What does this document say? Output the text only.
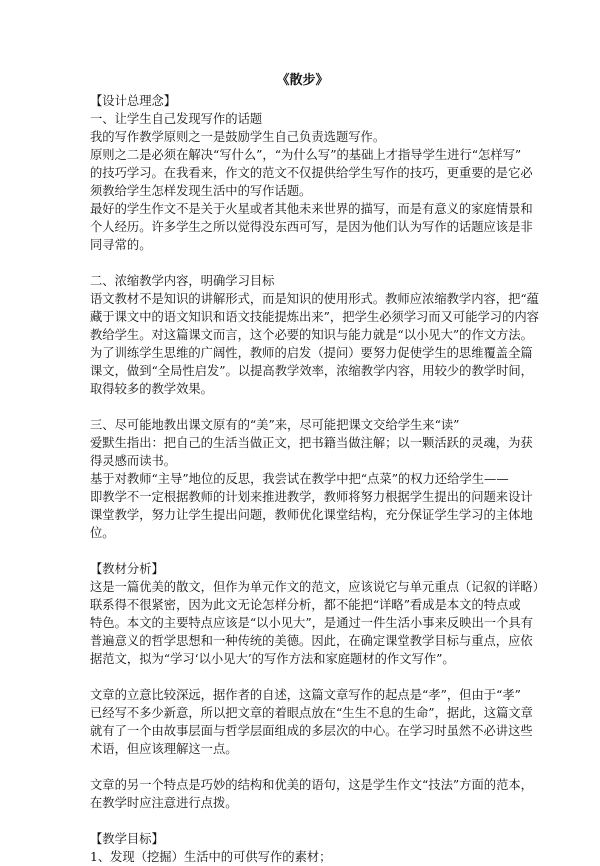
《散步》

【设计总理念】

一、让学生自己发现写作的话题

我的写作教学原则之一是鼓励学生自己负责选题写作。

原则之二是必须在解决“写什么”，“为什么写”的基础上才指导学生进行“怎样写”

的技巧学习。在我看来，作文的范文不仅提供给学生写作的技巧，更重要的是它必

须教给学生怎样发现生活中的写作话题。

最好的学生作文不是关于火星或者其他未来世界的描写，而是有意义的家庭情景和

个人经历。许多学生之所以觉得没东西可写，是因为他们认为写作的话题应该是非

同寻常的。

二、浓缩教学内容，明确学习目标

语文教材不是知识的讲解形式，而是知识的使用形式。教师应浓缩教学内容，把“蕴

藏于课文中的语文知识和语文技能提炼出来”，把学生必须学习而又可能学习的内容

教给学生。对这篇课文而言，这个必要的知识与能力就是“以小见大”的作文方法。

为了训练学生思维的广阔性，教师的启发（提问）要努力促使学生的思维覆盖全篇

课文，做到“全局性启发”。以提高教学效率，浓缩教学内容，用较少的教学时间，

取得较多的教学效果。

三、尽可能地教出课文原有的“美”来，尽可能把课文交给学生来“读”

爱默生指出：把自己的生活当做正文，把书籍当做注解；以一颗活跃的灵魂，为获

得灵感而读书。

基于对教师“主导”地位的反思，我尝试在教学中把“点菜”的权力还给学生——

即教学不一定根据教师的计划来推进教学，教师将努力根据学生提出的问题来设计

课堂教学，努力让学生提出问题，教师优化课堂结构，充分保证学生学习的主体地

位。

【教材分析】

这是一篇优美的散文，但作为单元作文的范文，应该说它与单元重点（记叙的详略）

联系得不很紧密，因为此文无论怎样分析，都不能把“详略”看成是本文的特点或

特色。本文的主要特点应该是“以小见大”，是通过一件生活小事来反映出一个具有

普遍意义的哲学思想和一种传统的美德。因此，在确定课堂教学目标与重点，应依

据范文，拟为“学习‘以小见大’的写作方法和家庭题材的作文写作”。

文章的立意比较深远，据作者的自述，这篇文章写作的起点是“孝”，但由于“孝”

已经写不多少新意，所以把文章的着眼点放在“生生不息的生命”，据此，这篇文章

就有了一个由故事层面与哲学层面组成的多层次的中心。在学习时虽然不必讲这些

术语，但应该理解这一点。

文章的另一个特点是巧妙的结构和优美的语句，这是学生作文“技法”方面的范本，

在教学时应注意进行点拨。

【教学目标】

1、发现（挖掘）生活中的可供写作的素材；
